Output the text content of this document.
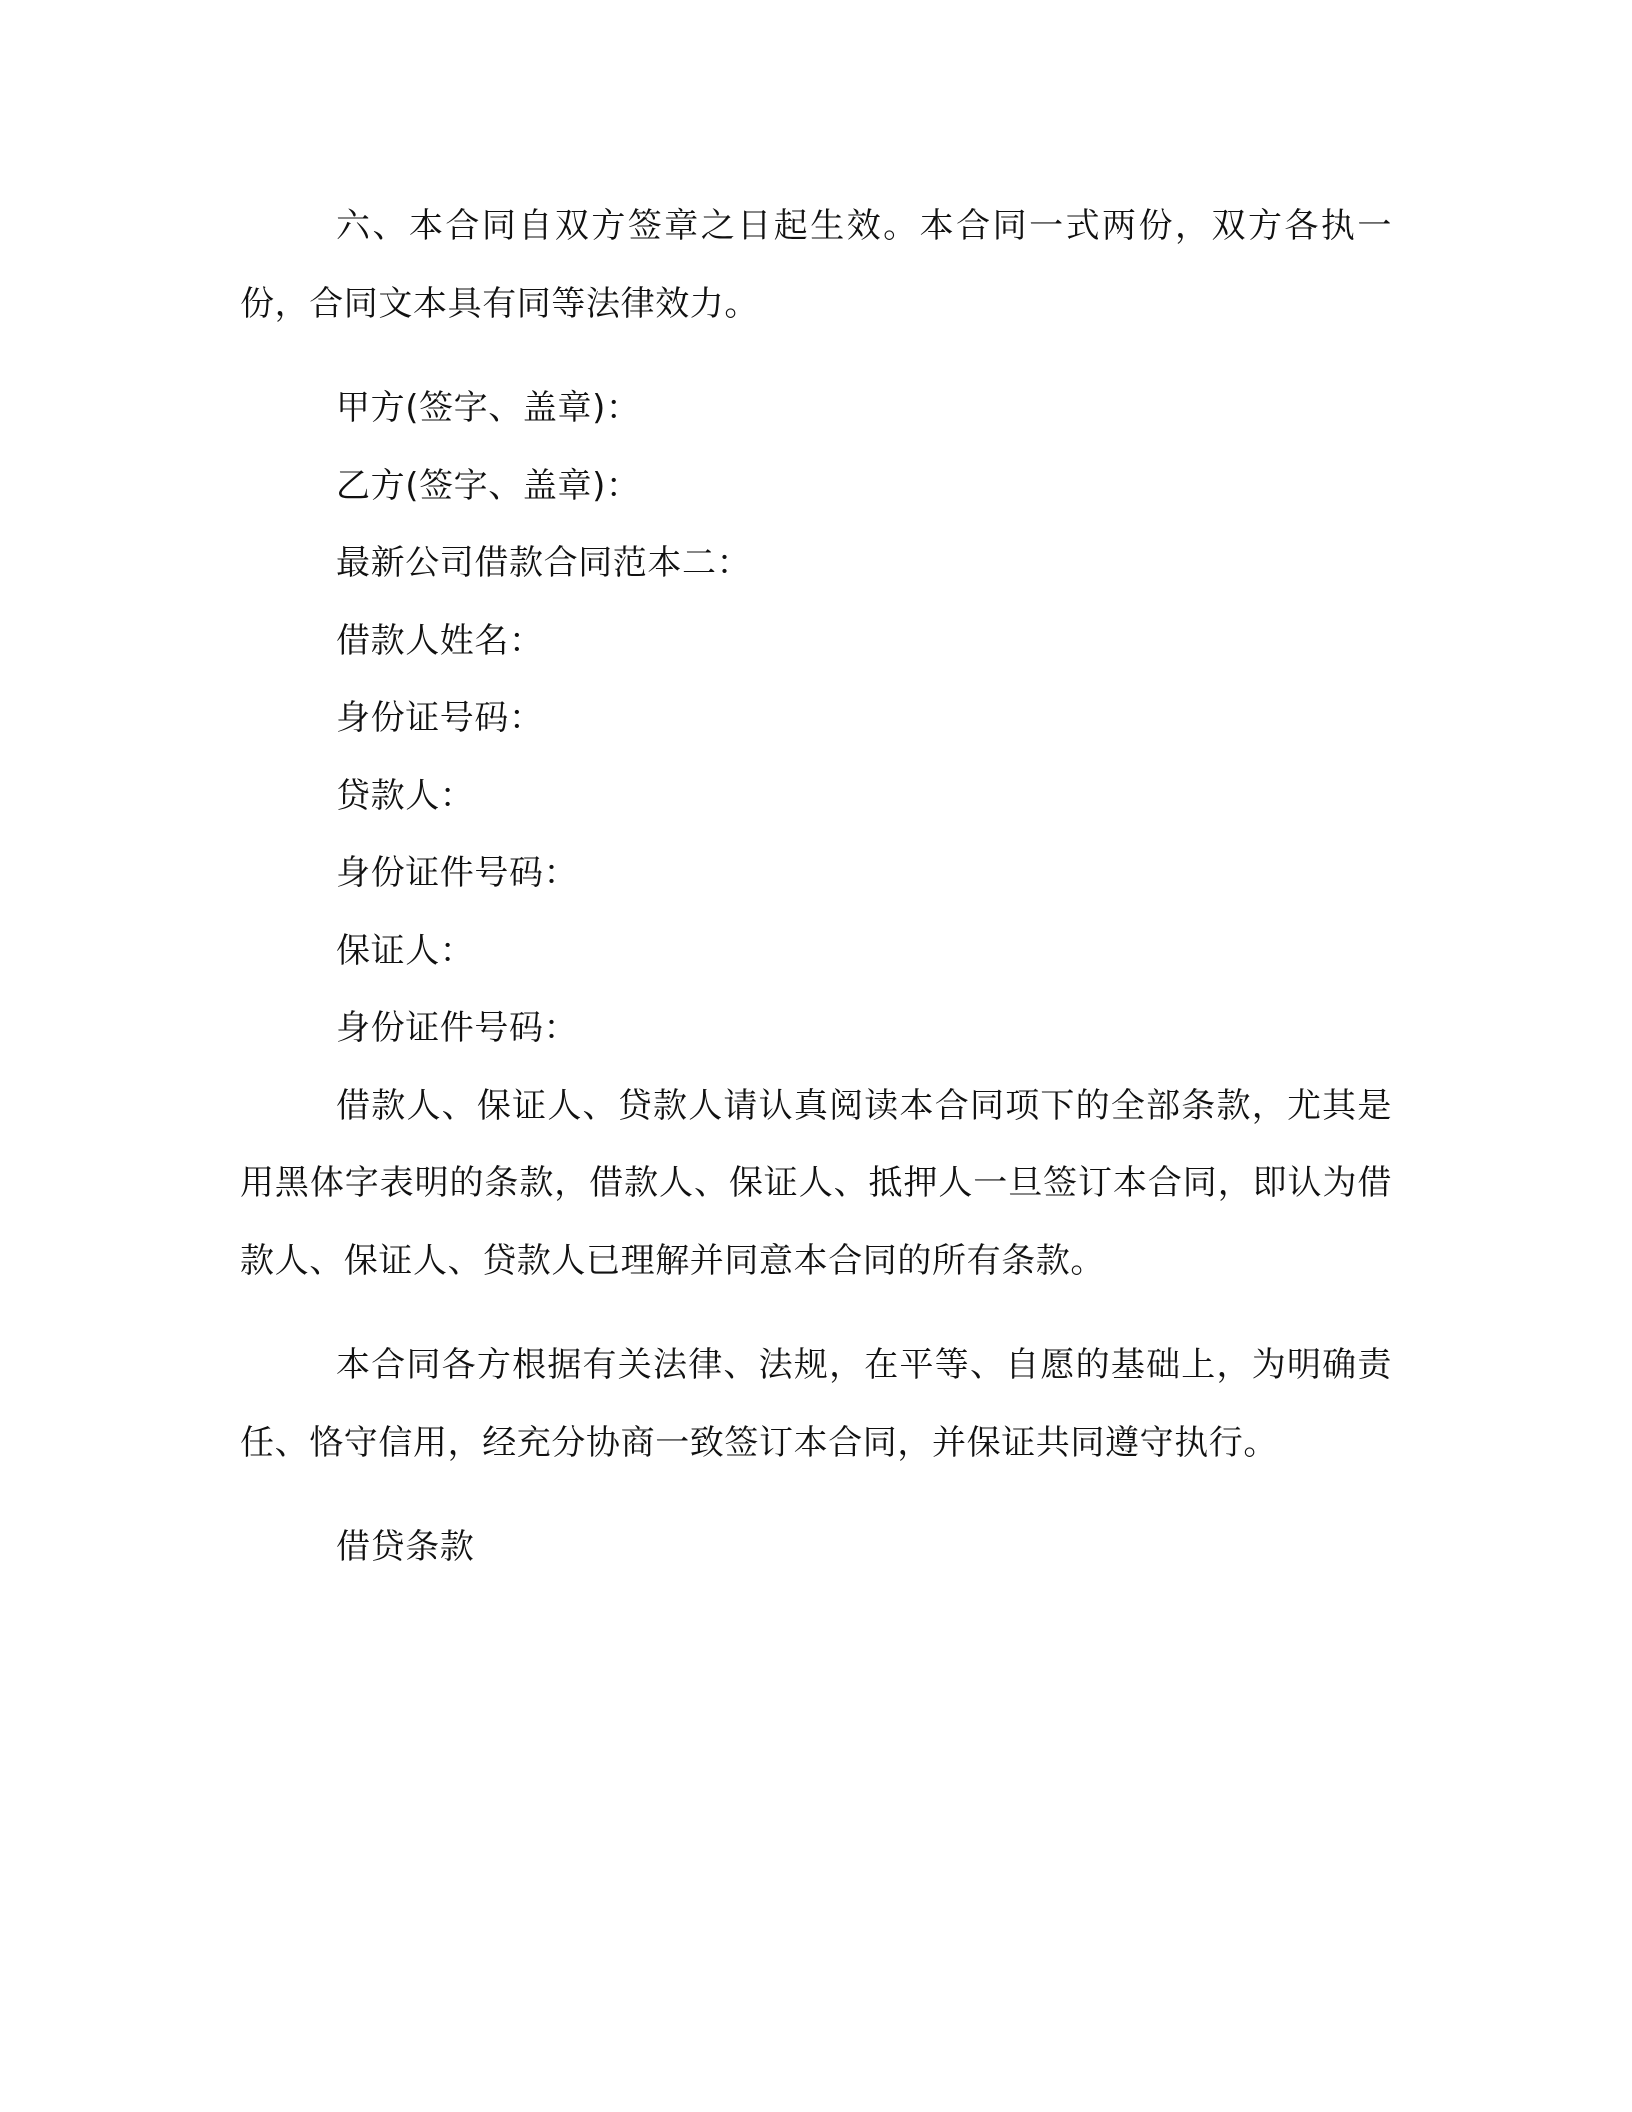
六、本合同自双方签章之日起生效。本合同一式两份，双方各执一份，合同文本具有同等法律效力。

甲方(签字、盖章)：

乙方(签字、盖章)：

最新公司借款合同范本二：

借款人姓名：

身份证号码：

贷款人：

身份证件号码：

保证人：

身份证件号码：

借款人、保证人、贷款人请认真阅读本合同项下的全部条款，尤其是用黑体字表明的条款，借款人、保证人、抵押人一旦签订本合同，即认为借款人、保证人、贷款人已理解并同意本合同的所有条款。

本合同各方根据有关法律、法规，在平等、自愿的基础上，为明确责任、恪守信用，经充分协商一致签订本合同，并保证共同遵守执行。

借贷条款
